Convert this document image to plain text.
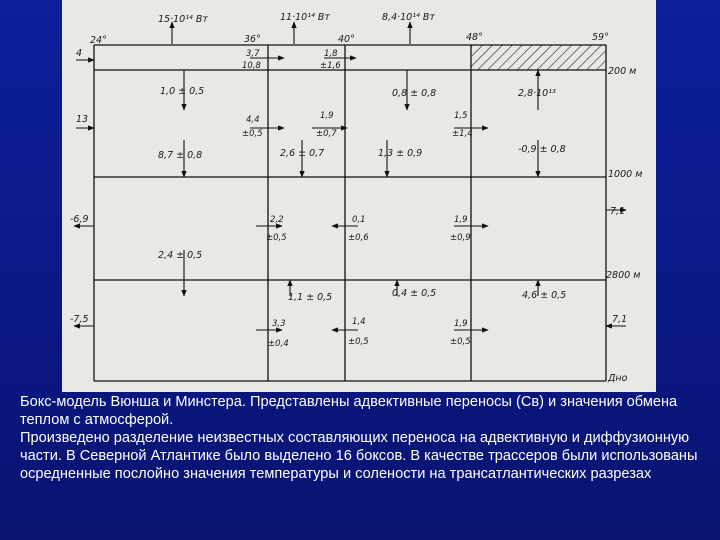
15·10¹⁴ Вт	11·10¹⁴ Вт	8,4·10¹⁴ Вт
24°	36°	40°	48°	59°
200 м
1000 м
2800 м
Дно
4
13
-6,9
-7,5
7,1
7,1
3,7
10,8
1,8
±1,6
1,0 ± 0,5	0,8 ± 0,8	2,8·10¹³
4,4
±0,5
1,9
±0,7
1,5
±1,4
8,7 ± 0,8	2,6 ± 0,7	1,3 ± 0,9	-0,9 ± 0,8
2,2
±0,5
0,1
±0,6
1,9
±0,9
2,4 ± 0,5
1,1 ± 0,5	0,4 ± 0,5	4,6 ± 0,5
3,3
±0,4
1,4
±0,5
1,9
±0,5

Бокс-модель Вюнша и Минстера. Представлены адвективные переносы (Св) и значения обмена теплом с атмосферой.

Произведено разделение неизвестных составляющих переноса на адвективную и диффузионную части. В Северной Атлантике было выделено 16 боксов. В качестве трассеров были использованы осредненные послойно значения температуры и солености на трансатлантических разрезах
